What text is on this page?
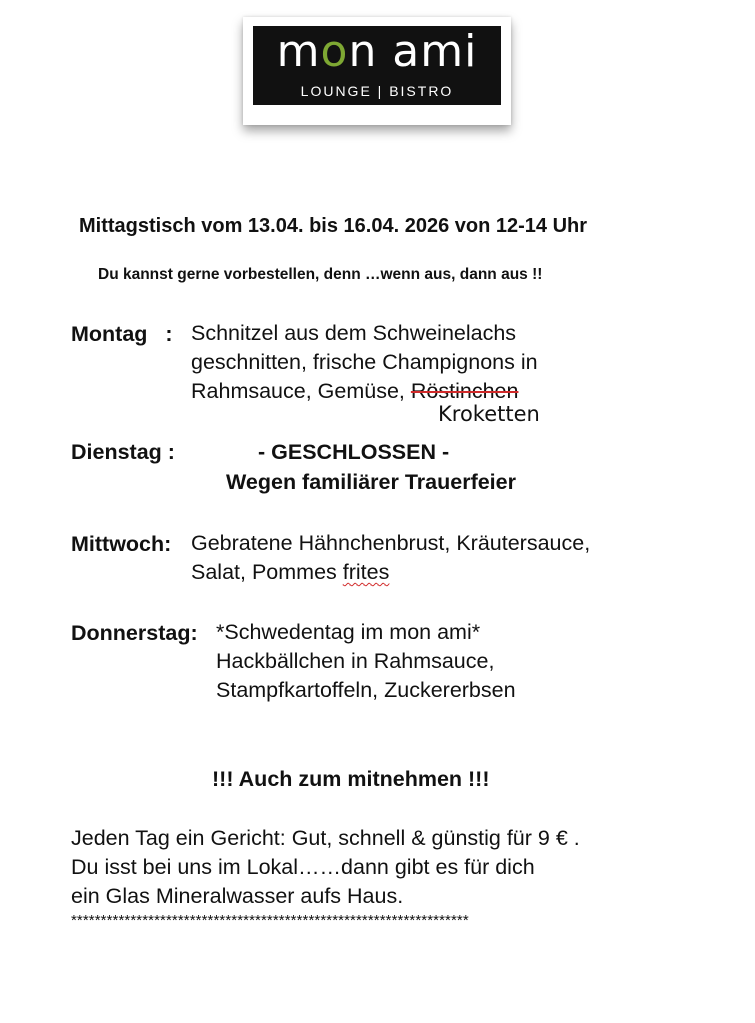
mon ami
LOUNGE | BISTRO
Mittagstisch vom 13.04. bis 16.04. 2026 von 12-14 Uhr
Du kannst gerne vorbestellen, denn …wenn aus, dann aus !!
Montag   : Schnitzel aus dem Schweinelachs
geschnitten, frische Champignons in
Rahmsauce, Gemüse, Röstinchen
Kroketten
Dienstag :	- GESCHLOSSEN -
Wegen familiärer Trauerfeier
Mittwoch: Gebratene Hähnchenbrust, Kräutersauce,
Salat, Pommes frites
Donnerstag: *Schwedentag im mon ami*
Hackbällchen in Rahmsauce,
Stampfkartoffeln, Zuckererbsen
!!! Auch zum mitnehmen !!!
Jeden Tag ein Gericht: Gut, schnell & günstig für 9 € .
Du isst bei uns im Lokal……dann gibt es für dich
ein Glas Mineralwasser aufs Haus.
*******************************************************************
